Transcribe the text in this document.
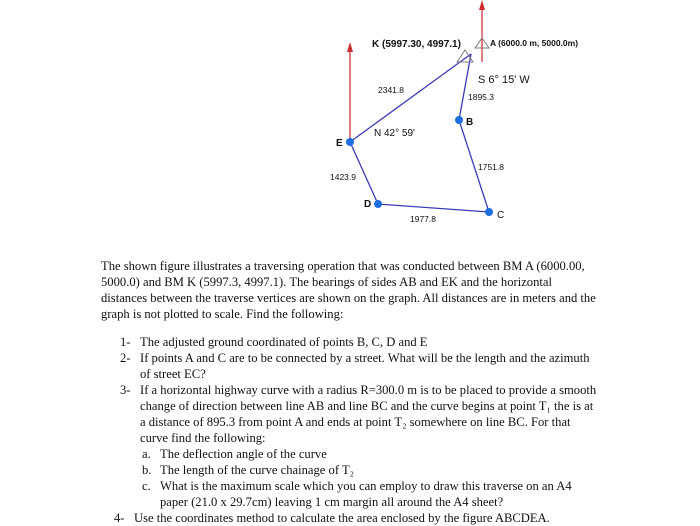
K (5997.30, 4997.1)	A (6000.0 m, 5000.0m)
S 6° 15' W
1895.3
B
1751.8
C
1977.8
D
1423.9
E
N 42° 59'
2341.8

The shown figure illustrates a traversing operation that was conducted between BM A (6000.00, 5000.0) and BM K (5997.3, 4997.1). The bearings of sides AB and EK and the horizontal distances between the traverse vertices are shown on the graph. All distances are in meters and the graph is not plotted to scale. Find the following:

1- The adjusted ground coordinated of points B, C, D and E
2- If points A and C are to be connected by a street. What will be the length and the azimuth of street EC?
3- If a horizontal highway curve with a radius R=300.0 m is to be placed to provide a smooth change of direction between line AB and line BC and the curve begins at point T₁ the is at a distance of 895.3 from point A and ends at point T₂ somewhere on line BC. For that curve find the following:
a. The deflection angle of the curve
b. The length of the curve chainage of T₂
c. What is the maximum scale which you can employ to draw this traverse on an A4 paper (21.0 x 29.7cm) leaving 1 cm margin all around the A4 sheet?
4- Use the coordinates method to calculate the area enclosed by the figure ABCDEA.
